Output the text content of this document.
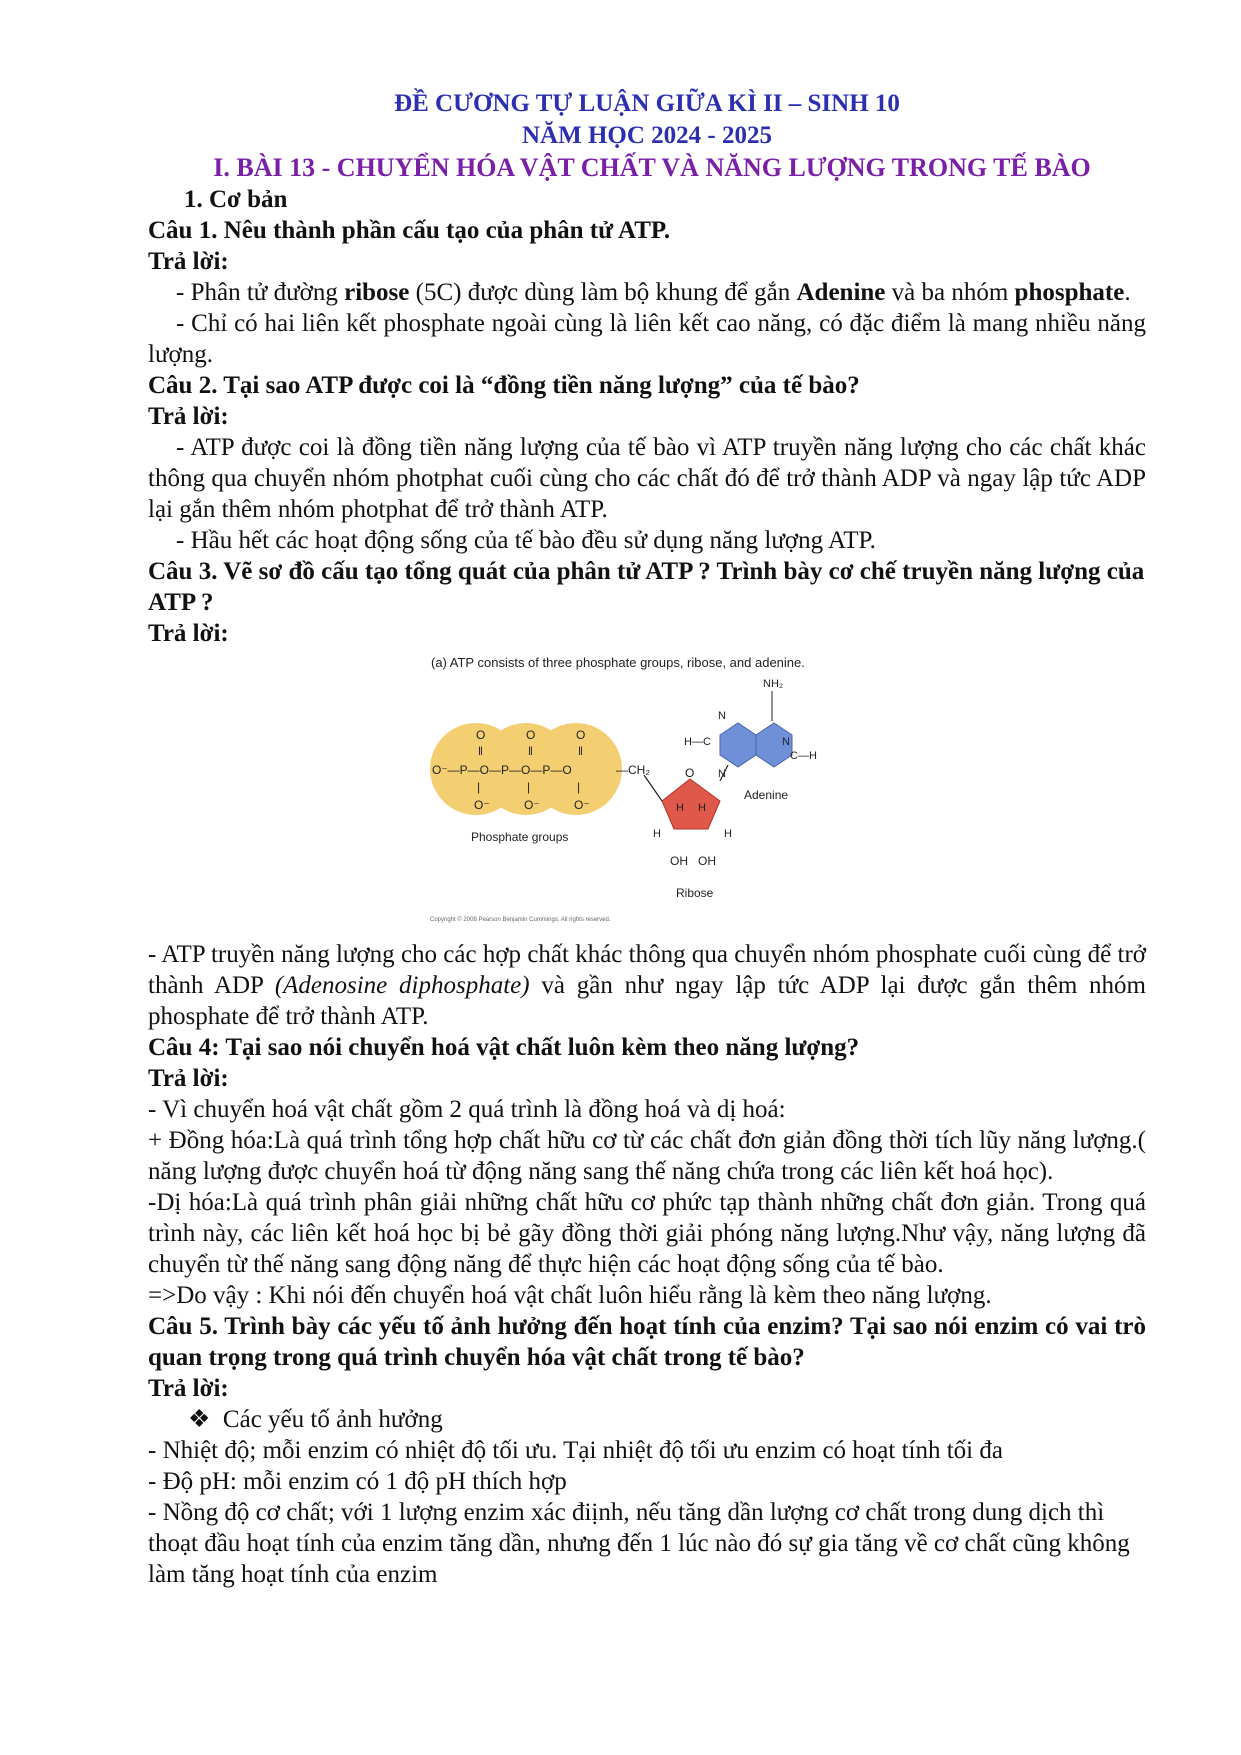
ĐỀ CƯƠNG TỰ LUẬN GIỮA KÌ II – SINH 10
NĂM HỌC 2024 - 2025
I. BÀI 13 - CHUYỂN HÓA VẬT CHẤT VÀ NĂNG LƯỢNG TRONG TẾ BÀO
1. Cơ bản

Câu 1. Nêu thành phần cấu tạo của phân tử ATP.

Trả lời:

- Phân tử đường ribose (5C) được dùng làm bộ khung để gắn Adenine và ba nhóm phosphate.

- Chỉ có hai liên kết phosphate ngoài cùng là liên kết cao năng, có đặc điểm là mang nhiều năng lượng.

Câu 2. Tại sao ATP được coi là “đồng tiền năng lượng” của tế bào?

Trả lời:

- ATP được coi là đồng tiền năng lượng của tế bào vì ATP truyền năng lượng cho các chất khác thông qua chuyển nhóm photphat cuối cùng cho các chất đó để trở thành ADP và ngay lập tức ADP lại gắn thêm nhóm photphat để trở thành ATP.

- Hầu hết các hoạt động sống của tế bào đều sử dụng năng lượng ATP.

Câu 3. Vẽ sơ đồ cấu tạo tổng quát của phân tử ATP ? Trình bày cơ chế truyền năng lượng của ATP ?

Trả lời:

(a) ATP consists of three phosphate groups, ribose, and adenine.
O⁻—P—O—P—O—P—O
O	O	O
‖	‖	‖
|	|	|
O⁻	O⁻	O⁻
—CH₂
Phosphate groups
O
H H
H	H
OH OH
Ribose
NH₂
N
N
N
H—C
C—H
Adenine
Copyright © 2008 Pearson Benjamin Cummings. All rights reserved.

- ATP truyền năng lượng cho các hợp chất khác thông qua chuyển nhóm phosphate cuối cùng để trở thành ADP (Adenosine diphosphate) và gần như ngay lập tức ADP lại được gắn thêm nhóm phosphate để trở thành ATP.

Câu 4: Tại sao nói chuyển hoá vật chất luôn kèm theo năng lượng?

Trả lời:

- Vì chuyển hoá vật chất gồm 2 quá trình là đồng hoá và dị hoá:

+ Đồng hóa:Là quá trình tổng hợp chất hữu cơ từ các chất đơn giản đồng thời tích lũy năng lượng.( năng lượng được chuyển hoá từ động năng sang thế năng chứa trong các liên kết hoá học).

-Dị hóa:Là quá trình phân giải những chất hữu cơ phức tạp thành những chất đơn giản. Trong quá trình này, các liên kết hoá học bị bẻ gãy đồng thời giải phóng năng lượng.Như vậy, năng lượng đã chuyển từ thế năng sang động năng để thực hiện các hoạt động sống của tế bào.

=>Do vậy : Khi nói đến chuyển hoá vật chất luôn hiểu rằng là kèm theo năng lượng.

Câu 5. Trình bày các yếu tố ảnh hưởng đến hoạt tính của enzim? Tại sao nói enzim có vai trò quan trọng trong quá trình chuyển hóa vật chất trong tế bào?

Trả lời:

❖ Các yếu tố ảnh hưởng

- Nhiệt độ; mỗi enzim có nhiệt độ tối ưu. Tại nhiệt độ tối ưu enzim có hoạt tính tối đa

- Độ pH: mỗi enzim có 1 độ pH thích hợp

- Nồng độ cơ chất; với 1 lượng enzim xác điịnh, nếu tăng dần lượng cơ chất trong dung dịch thì thoạt đầu hoạt tính của enzim tăng dần, nhưng đến 1 lúc nào đó sự gia tăng về cơ chất cũng không làm tăng hoạt tính của enzim
